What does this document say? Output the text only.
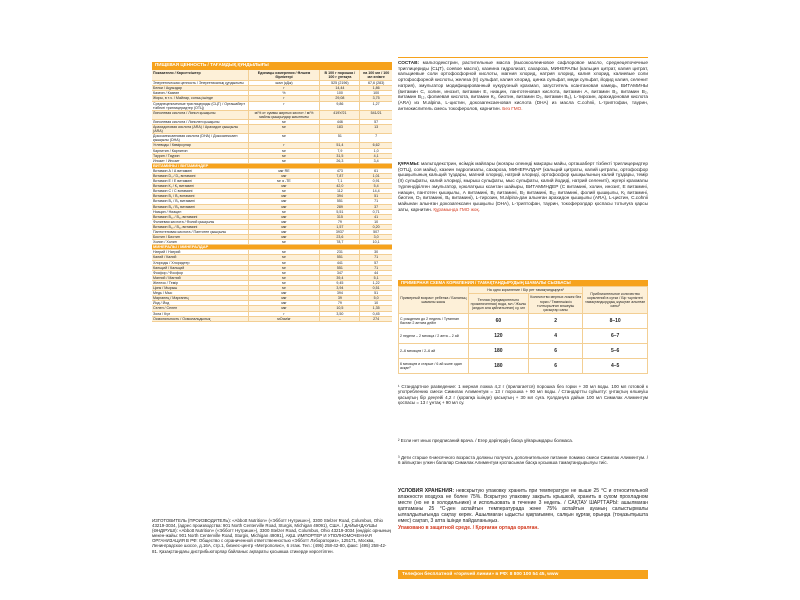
ПИЩЕВАЯ ЦЕННОСТЬ / ТАҒАМДЫҚ ҚҰНДЫЛЫҒЫ
Показатели / Көрсеткіштер	Единицы измерения / Өлшем бірліктері	В 100 г порошка / 100 г ұнтақта	на 100 мл / 100 мл өнімге
Энергетическая ценность / Энергетикалық құндылығы	ккал (кДж)	525 (2196)	67,6 (283)
Белки / Ақуыздар	г	14,44	1,86
Казеин / Казеин	%	100	100
Жиры, в т.ч. / Майлар, соның ішінде	г	29,08	3,75
Среднецепочечные триглицериды (СЦТ) / Орташаберт тізбекті триглицеридтер (ОТЦ)	г	9,86	1,27
Линолевая кислота / Линол қышқылы	м/% от суммы жирных кислот / м/% майлы қышқылдар жиынтығы	419У/21	541/21
Линолевая кислота / Линолен қышқылы	мг	446	57
Арахидоновая кислота (ARA) / Арахидон қышқылы (ARA)	мг	183	13
Докозагексаеновая кислота (DHA) / Докозагексаен қышқылы (DHA)	мг	51	7
Углеводы / Көмірсулар	г	51,4	6,62
Карнитин / Карнитин	мг	7,9	1,0
Таурин / Таурин	мг	31,5	4,1
Инозит / Инозит	мг	26,3	3,4
ВИТАМИНЫ / ВИТАМИНДЕР			
Витамин А / А витамині	мкг RE	473	61
Витамин D₃ / D₃ витамині	мкг	7,87	1,01
Витамин Е / Е витамині	мг α -TE	7,1	0,91
Витамин К₁ / К₁ витамині	мкг	42,0	5,4
Витамин С / С витамині	мг	112	14,4
Витамин В₁ / В₁ витамині	мкг	394	51
Витамин В₂ / В₂ витамині	мкг	551	71
Витамин В₆ / В₆ витамині	мкг	289	37
Ниацин / Ниацин	мг	5,51	0,71
Витамин В₁₂ / В₁₂ витамині	мкг	315	41
Фолиевая кислота / Фолий қышқылы	мкг	79	10
Витамин В₁₂ / В₁₂ витамині	мкг	1,57	0,20
Пантотеновая кислота / Пантотен қышқылы	мкг	3937	507
Биотин / Биотин	мкг	23,6	3,0
Холин / Холин	мг	78,7	10,1
МИНЕРАЛЫ / МИНЕРАЛДАР			
Натрий / Натрий	мг	231	30
Калий / Калий	мг	551	71
Хлориды / Хлоридтер	мг	441	57
Кальций / Кальций	мг	551	71
Фосфор / Фосфор	мг	347	44
Магний / Магний	мг	39,4	5,1
Железо / Темір	мг	9,45	1,22
Цинк / Мырыш	мг	3,94	0,51
Медь / Мыс	мкг	394	51
Марганец / Марганец	мкг	39	5,0
Йод / Йод	мкг	79	10
Селен / Селен	мкг	10,5	1,35
Зола / Күл	г	3,50	0,45
Осмоляльность / Осмолальдылық	мОсм/кг	–	274
ИЗГОТОВИТЕЛЬ (ПРОИЗВОДИТЕЛЬ): «Abbott Nutrition» («Эбботт Нутришн»), 3300 Stelzer Road, Columbus, Ohio 43219-3034, (адрес производства: 901 North Centerville Road, Sturgis, Michigan 49091), США. / ДАЙЫНДАУШЫ (ӨНДІРУШІ): «Abbott Nutrition» («Эбботт Нутришн»), 3300 Stelzer Road, Columbus, Ohio 43219-3034 (өндіріс орнының мекен-жайы: 901 North Centerville Road, Sturgis, Michigan 49091), АҚШ. ИМПОРТЕР И УПОЛНОМОЧЕННАЯ ОРГАНИЗАЦИЯ В РФ: Общество с ограниченной ответственностью «Эбботт Лэбораториз», 125171, Москва, Ленинградское шоссе, д.16А, стр.1, бизнес-центр «Метрополис», 6 этаж. Тел.: (495) 258-42-80, факс: (495) 258-42-81. Қазақстандағы дистрибьюторлар байланыс ақпараты қосымша стикерде көрсетілген.
СОСТАВ: мальтодекстрин, растительные масла (высокоолеиновое сафлоровое масло, среднецепочечные триглицериды (СЦТ), соевое масло), казеина гидролизат, сахароза, МИНЕРАЛЫ (кальция цитрат, калия цитрат, кальциевые соли ортофосфорной кислоты, магния хлорид, натрия хлорид, калия хлорид, калиевые соли ортофосфорной кислоты, железа (II) сульфат, калия хлорид, цинка сульфат, меди сульфат, йодид калия, селенит натрия), эмульгатор модифицированный кукурузный крахмал, загуститель ксантановая камедь, ВИТАМИНЫ (витамин С, холин, инозит, витамин Е, ниацин, пантотеновая кислота, витамин А, витамин В₁, витамин В₂, витамин В₁₂, фолиевая кислота, витамин К₁, биотин, витамин D₃, витамин В₆), L-тирозин, арахидоновая кислота (ARA) из M.alpina, L-цистин, докозагексаеновая кислота (DHA) из масла C.cohnii, L-триптофан, таурин, антиокислитель смесь токоферолов, карнитин. Без ГМО.
ҚҰРАМЫ: мальтодекстрин, өсімдік майлары (жоғары олеинді мақсары майы, орташаберт тізбекті триглицеридтер (ОТЦ), соя майы), казеин гидролизаты, сахароза, МИНЕРАЛДАР (кальций цитраты, калий цитраты, ортофосфор қышқылының кальций тұздары, магний хлориді, натрий хлориді, ортофосфор қышқылының калий тұздары, темір (II) сульфаты, калий хлориді, мырыш сульфаты, мыс сульфаты, калий йодиді, натрий селениті), жүгері крахмалы түрлендірілген эмульгатор, қоюлатқыш ксантан шайыры, ВИТАМИНДЕР (С витамині, холин, инозит, Е витамині, ниацин, пантотен қышқылы, А витамині, В₁ витамині, В₂ витамині, В₁₂ витамині, фолий қышқылы, К₁ витамині, биотин, D₃ витамині, В₆ витамині), L-тирозин, M.alpina-дан алынған арахидон қышқылы (ARA), L-цистин, C.cohnii майынан алынған докозагексаен қышқылы (DHA), L-триптофан, таурин, токоферолдар қоспасы тотығуға қарсы заты, карнитин. Құрамында ГМО жоқ.
ПРИМЕРНАЯ СХЕМА КОРМЛЕНИЯ / ТАМАҚТАНДЫРУДЫҢ ШАМАЛЫ СЫЗБАСЫ
Примерный возраст ребенка / Баланың шамалы жасы	На одно кормление / Бір рет тамақтандыруға¹		Приблизительное количество кормлений в сутки / Бір тәуліктегі тамақтандырудың жуықтап алынған саны²
	Теплая (предварительно прокипяченная) вода, мл / Жылы (алдын ала қайнатылған) су, мл	Количество мерных ложек без горки / Төмпешіксіз толтырылған өлшеуіш қасықтар саны	
С рождения до 2 недель / Туғаннан бастап 2 аптаға дейін	60	2	8–10
2 недели – 2 месяца / 2 апта – 2 ай	120	4	6–7
2–6 месяцев / 2–6 ай	180	6	5–6
6 месяцев и старше / 6 ай және одан асқан³	180	6	4–5
¹ Стандартное разведение: 1 мерная ложка 4,2 г (прилагается) порошка без горки + 30 мл воды. 100 мл готовой к употреблению смеси Симилак Алиментум = 13 г порошка + 90 мл воды. / Стандартты сұйылту: ұнтақтың өлшеуіш қасықтың бір деңгейі 4,2 г (қорапқа ішінде) қасықтың + 30 мл суға. Қолдануға дайын 100 мл Симилак Алиментум қоспасы = 13 г ұнтақ + 90 мл су.
² Если нет иных предписаний врача. / Егер дәрігердің басқа ұйғарымдары болмаса.
³ Дети старше 6-месячного возраста должны получать дополнительное питание помимо смеси Симилак Алиментум. / 6 айлықтан үлкен балалар Симилак Алиментум қоспасынан басқа қосымша тамақтандырылуы тиіс.
УСЛОВИЯ ХРАНЕНИЯ: невскрытую упаковку хранить при температуре не выше 25 °С и относительной влажности воздуха не более 75%. Вскрытую упаковку закрыть крышкой, хранить в сухом прохладном месте (но не в холодильнике) и использовать в течение 3 недель. / САҚТАУ ШАРТТАРЫ: ашылмаған қаптаманы 25 °С-ден аспайтын температурада және 75% аспайтын ауаның салыстырмалы ылғалдылығында сақтау керек. Ашылмаған ыдысты қақпағымен, салқын құрғақ орында (тоңазытқышта емес) сақтап, 3 апта ішінде пайдаланыңыз.
Упаковано в защитной среде. / Қорғаған ортада оралған.
Телефон бесплатной «горячей линии» в РФ: 8 800 100 54 45, www
